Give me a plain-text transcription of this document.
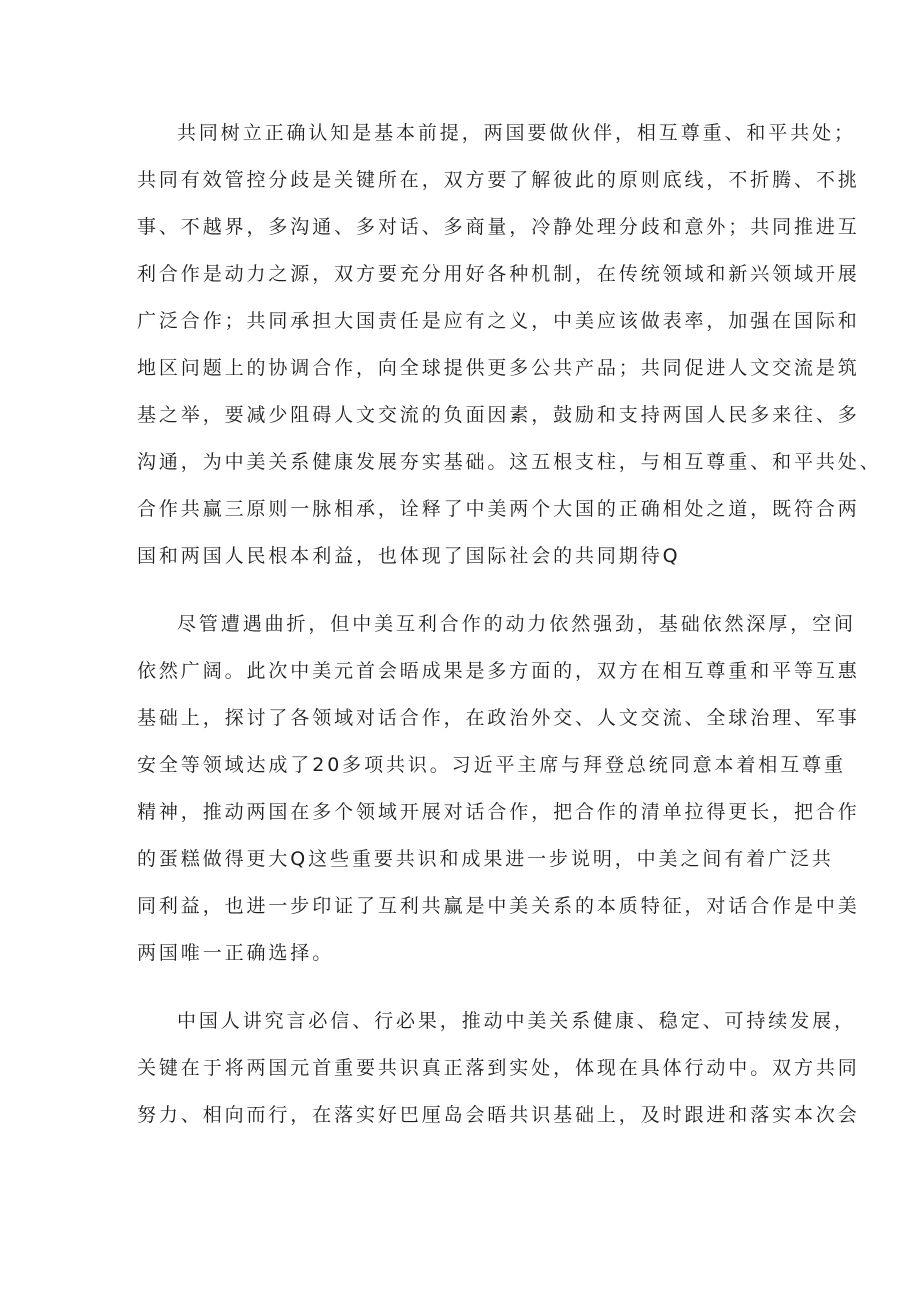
共同树立正确认知是基本前提，两国要做伙伴，相互尊重、和平共处；
共同有效管控分歧是关键所在，双方要了解彼此的原则底线，不折腾、不挑
事、不越界，多沟通、多对话、多商量，冷静处理分歧和意外；共同推进互
利合作是动力之源，双方要充分用好各种机制，在传统领域和新兴领域开展
广泛合作；共同承担大国责任是应有之义，中美应该做表率，加强在国际和
地区问题上的协调合作，向全球提供更多公共产品；共同促进人文交流是筑
基之举，要减少阻碍人文交流的负面因素，鼓励和支持两国人民多来往、多
沟通，为中美关系健康发展夯实基础。这五根支柱，与相互尊重、和平共处、
合作共赢三原则一脉相承，诠释了中美两个大国的正确相处之道，既符合两
国和两国人民根本利益，也体现了国际社会的共同期待Q
尽管遭遇曲折，但中美互利合作的动力依然强劲，基础依然深厚，空间
依然广阔。此次中美元首会晤成果是多方面的，双方在相互尊重和平等互惠
基础上，探讨了各领域对话合作，在政治外交、人文交流、全球治理、军事
安全等领域达成了20多项共识。习近平主席与拜登总统同意本着相互尊重
精神，推动两国在多个领域开展对话合作，把合作的清单拉得更长，把合作
的蛋糕做得更大Q这些重要共识和成果进一步说明，中美之间有着广泛共
同利益，也进一步印证了互利共赢是中美关系的本质特征，对话合作是中美
两国唯一正确选择。
中国人讲究言必信、行必果，推动中美关系健康、稳定、可持续发展，
关键在于将两国元首重要共识真正落到实处，体现在具体行动中。双方共同
努力、相向而行，在落实好巴厘岛会晤共识基础上，及时跟进和落实本次会
